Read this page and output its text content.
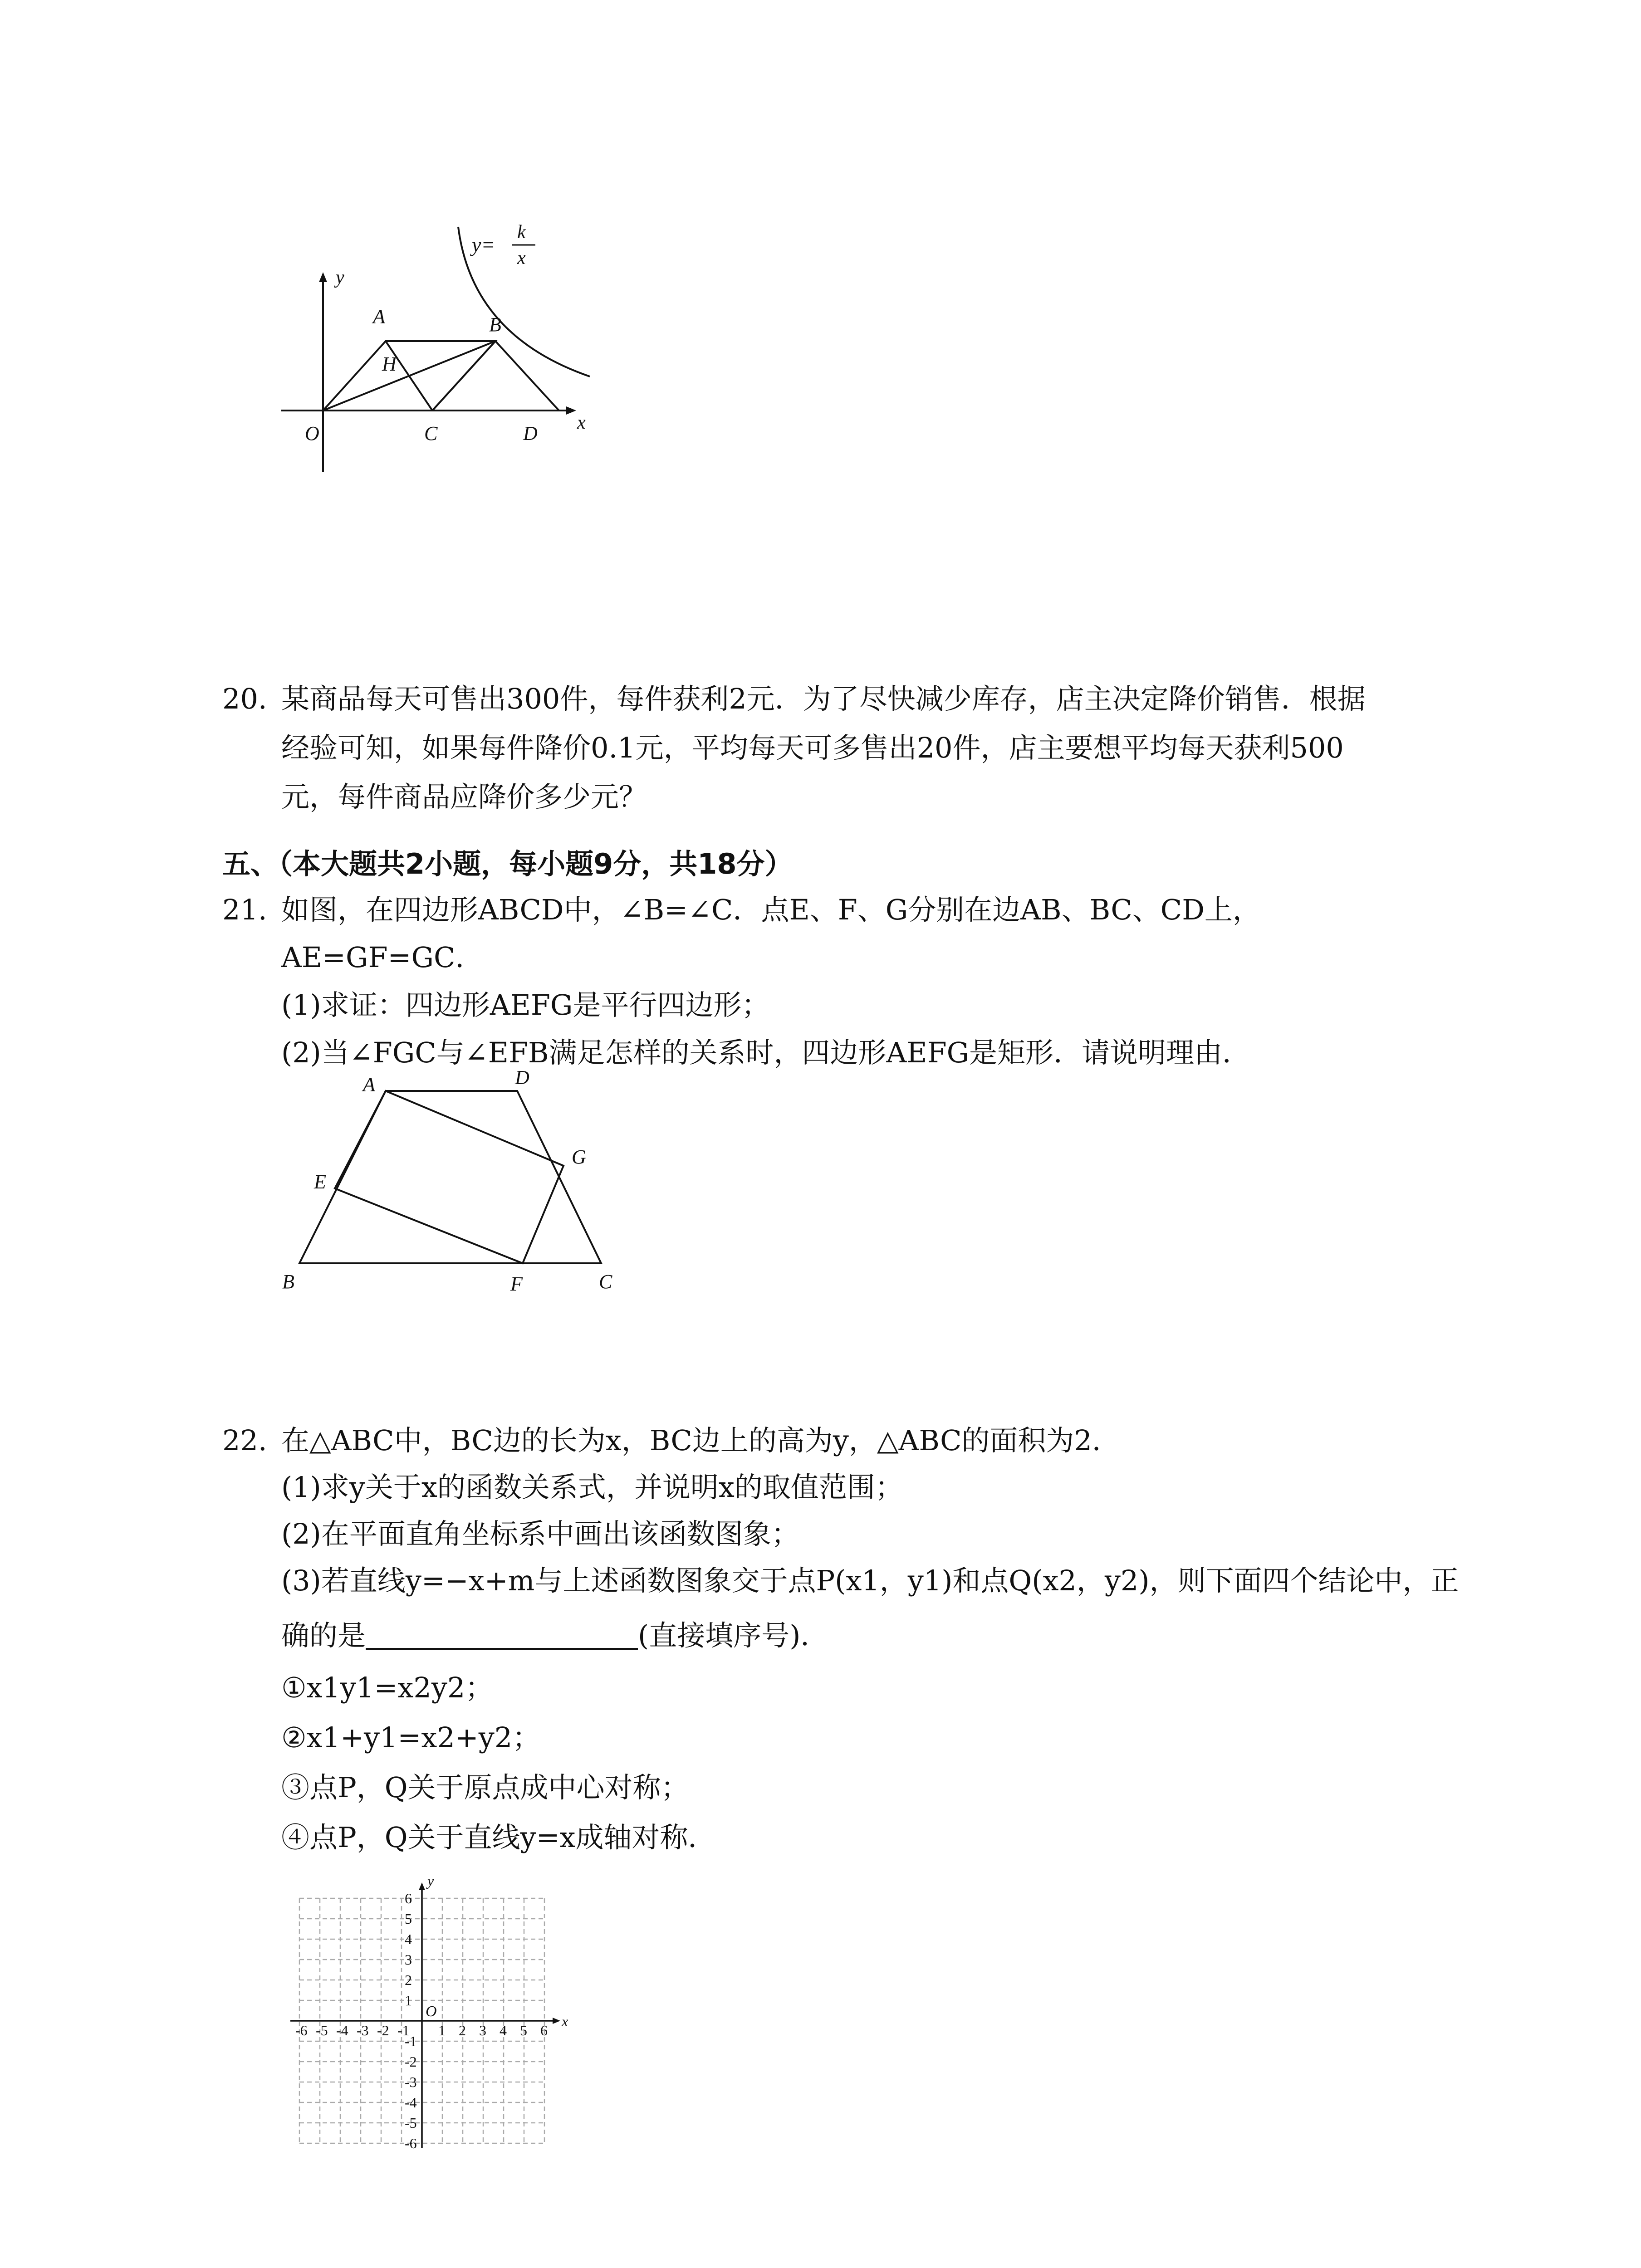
y=
k
x
y
x
A	B
H
O	C	D
20. 某商品每天可售出300件，每件获利2元．为了尽快减少库存，店主决定降价销售．根据
经验可知，如果每件降价0.1元，平均每天可多售出20件，店主要想平均每天获利500
元，每件商品应降价多少元？
五、（本大题共2小题，每小题9分，共18分）
21. 如图，在四边形ABCD中，∠B=∠C．点E、F、G分别在边AB、BC、CD上，
AE=GF=GC．
(1)求证：四边形AEFG是平行四边形；
(2)当∠FGC与∠EFB满足怎样的关系时，四边形AEFG是矩形．请说明理由．
A	D
G
E
B	F	C
22. 在△ABC中，BC边的长为x，BC边上的高为y，△ABC的面积为2．
(1)求y关于x的函数关系式，并说明x的取值范围；
(2)在平面直角坐标系中画出该函数图象；
(3)若直线y=−x+m与上述函数图象交于点P(x1，y1)和点Q(x2，y2)，则下面四个结论中，正
确的是	(直接填序号)．
①x1y1=x2y2；
②x1+y1=x2+y2；
③点P，Q关于原点成中心对称；
④点P，Q关于直线y=x成轴对称．
-6 -5 -4 -3 -2 -1 1 2 3 4 5 6
6
5
4
3
2
1
-1
-2
-3
-4
-5
-6
O
x
y
